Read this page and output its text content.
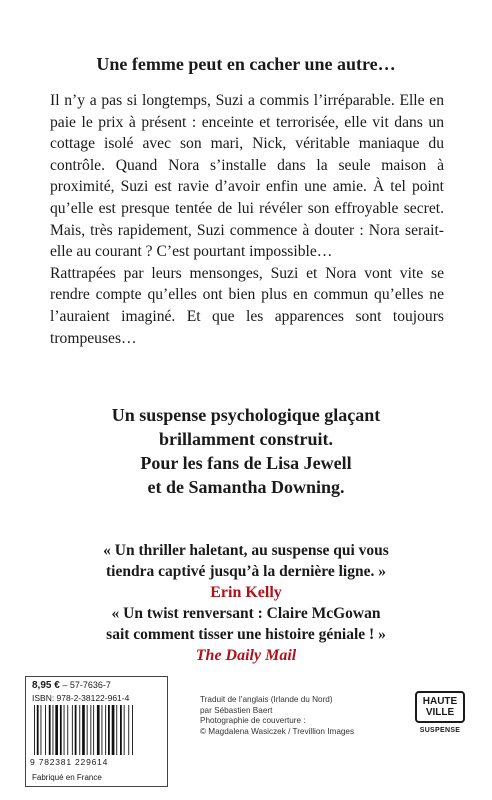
Une femme peut en cacher une autre…

Il n’y a pas si longtemps, Suzi a commis l’irréparable. Elle en paie le prix à présent : enceinte et terrorisée, elle vit dans un cottage isolé avec son mari, Nick, véritable maniaque du contrôle. Quand Nora s’installe dans la seule maison à proximité, Suzi est ravie d’avoir enfin une amie. À tel point qu’elle est presque tentée de lui révéler son effroyable secret. Mais, très rapidement, Suzi commence à douter : Nora serait-elle au courant ? C’est pourtant impossible…

Rattrapées par leurs mensonges, Suzi et Nora vont vite se rendre compte qu’elles ont bien plus en commun qu’elles ne l’auraient imaginé. Et que les apparences sont toujours trompeuses…

Un suspense psychologique glaçant
brillamment construit.
Pour les fans de Lisa Jewell
et de Samantha Downing.
« Un thriller haletant, au suspense qui vous
tiendra captivé jusqu’à la dernière ligne. »
Erin Kelly
« Un twist renversant : Claire McGowan
sait comment tisser une histoire géniale ! »
The Daily Mail
8,95 € – 57-7636-7
ISBN: 978-2-38122-961-4
9 782381 229614
Fabriqué en France
Traduit de l’anglais (Irlande du Nord)
par Sébastien Baert
Photographie de couverture :
© Magdalena Wasiczek / Trevillion Images
HAUTE
VILLE
SUSPENSE
